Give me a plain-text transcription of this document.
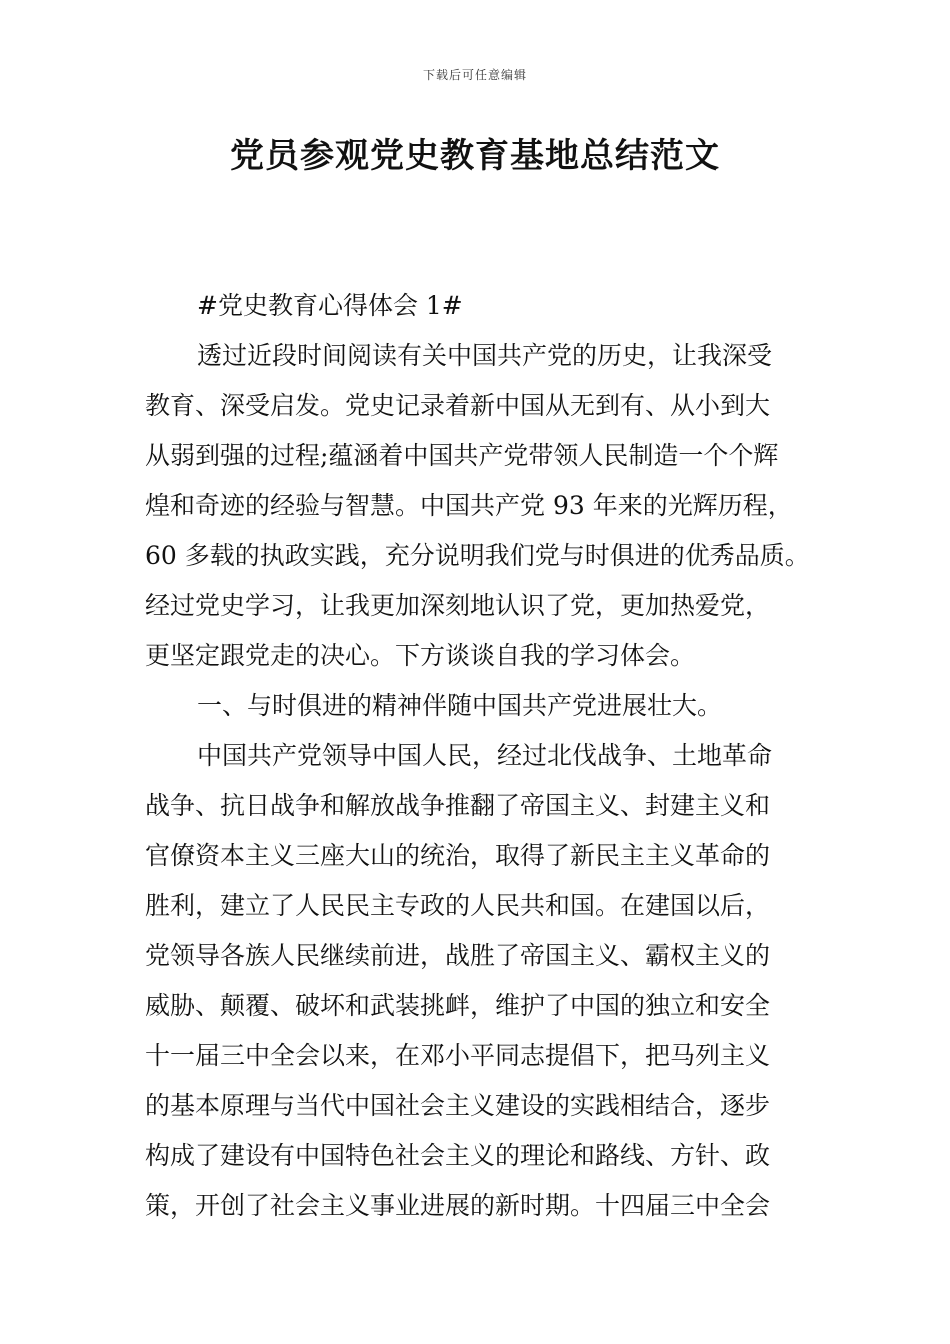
下载后可任意编辑
党员参观党史教育基地总结范文
#党史教育心得体会 1#
透过近段时间阅读有关中国共产党的历史，让我深受
教育、深受启发。党史记录着新中国从无到有、从小到大
从弱到强的过程;蕴涵着中国共产党带领人民制造一个个辉
煌和奇迹的经验与智慧。中国共产党 93 年来的光辉历程，
60 多载的执政实践，充分说明我们党与时俱进的优秀品质。
经过党史学习，让我更加深刻地认识了党，更加热爱党，
更坚定跟党走的决心。下方谈谈自我的学习体会。
一、与时俱进的精神伴随中国共产党进展壮大。
中国共产党领导中国人民，经过北伐战争、土地革命
战争、抗日战争和解放战争推翻了帝国主义、封建主义和
官僚资本主义三座大山的统治，取得了新民主主义革命的
胜利，建立了人民民主专政的人民共和国。在建国以后，
党领导各族人民继续前进，战胜了帝国主义、霸权主义的
威胁、颠覆、破坏和武装挑衅，维护了中国的独立和安全
十一届三中全会以来，在邓小平同志提倡下，把马列主义
的基本原理与当代中国社会主义建设的实践相结合，逐步
构成了建设有中国特色社会主义的理论和路线、方针、政
策，开创了社会主义事业进展的新时期。十四届三中全会
